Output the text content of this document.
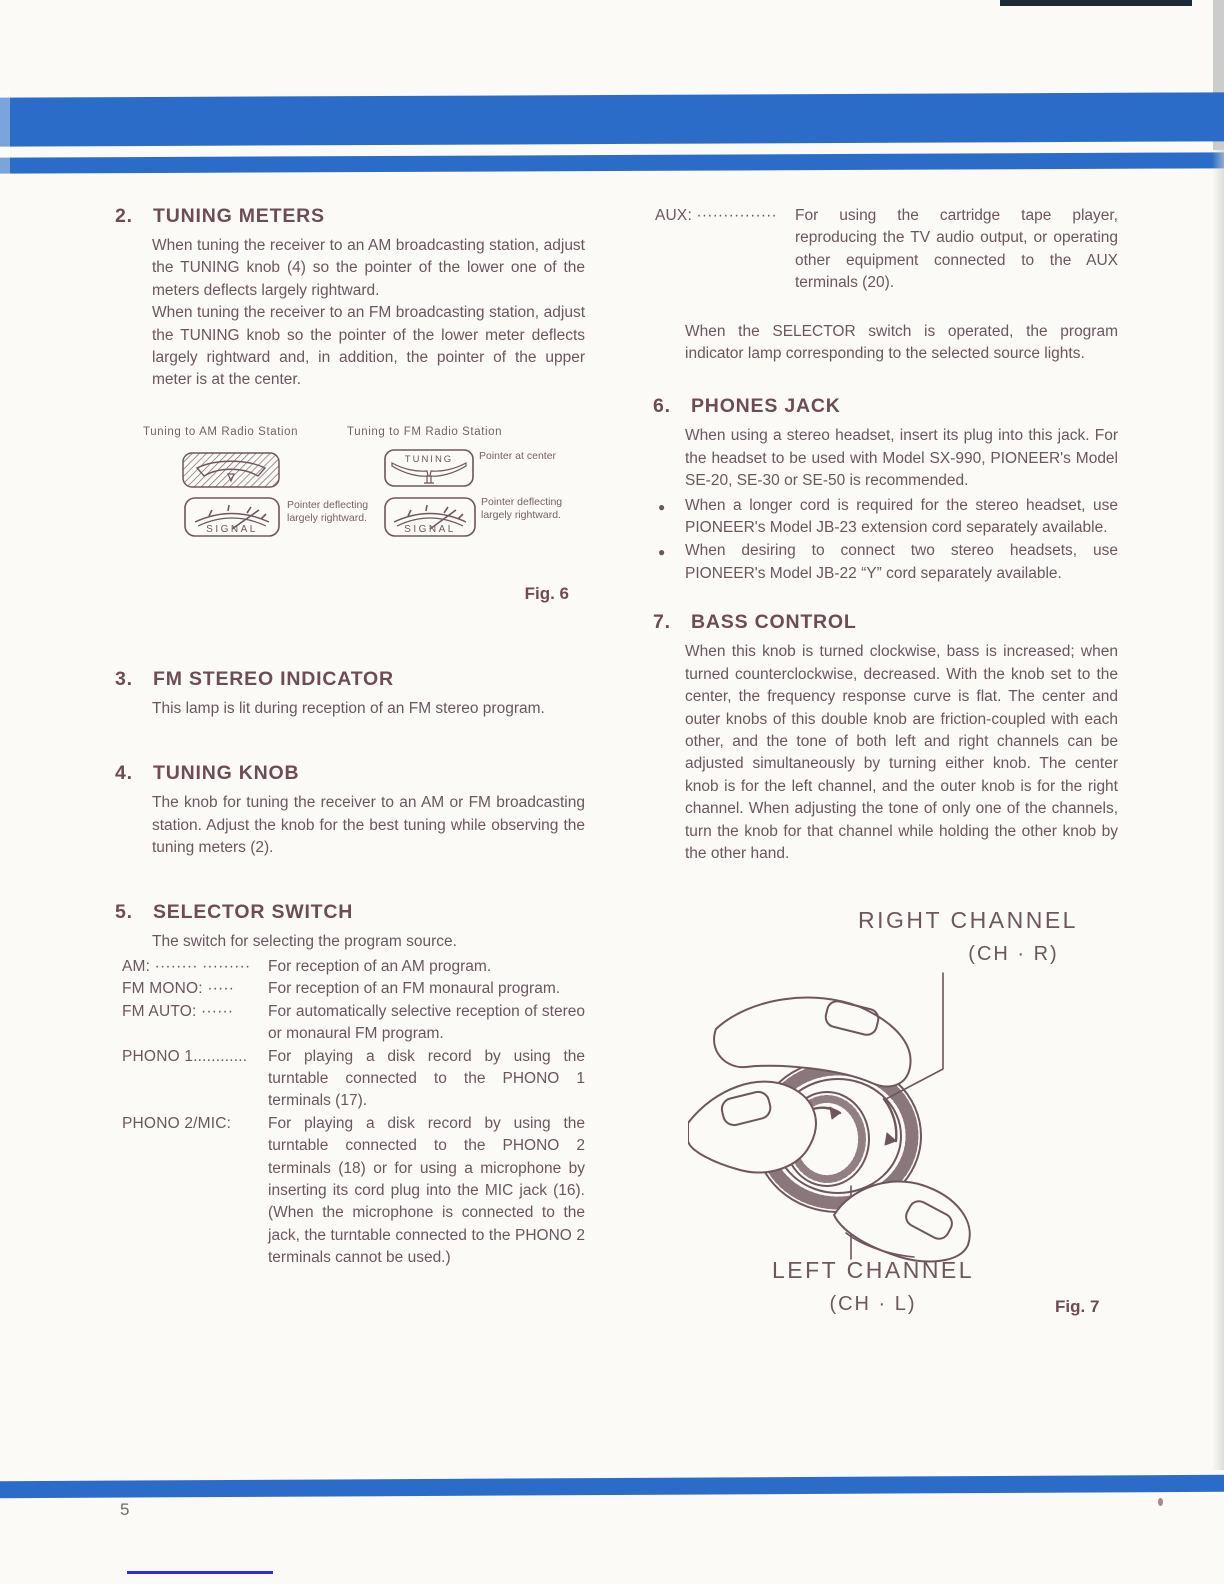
2.	TUNING METERS

When tuning the receiver to an AM broadcasting station, adjust the TUNING knob (4) so the pointer of the lower one of the meters deflects largely rightward.

When tuning the receiver to an FM broadcasting station, adjust the TUNING knob so the pointer of the lower meter deflects largely rightward and, in addition, the pointer of the upper meter is at the center.

Tuning to AM Radio Station	Tuning to FM Radio Station
TUNING Pointer at center
SIGNAL
Pointer deflecting largely rightward.
SIGNAL
Pointer deflecting largely rightward.
Fig. 6
3.	FM STEREO INDICATOR

This lamp is lit during reception of an FM stereo program.

4.	TUNING KNOB

The knob for tuning the receiver to an AM or FM broadcasting station. Adjust the knob for the best tuning while observing the tuning meters (2).

5.	SELECTOR SWITCH

The switch for selecting the program source.

AM: ········ ·········	For reception of an AM program.
FM MONO: ·····	For reception of an FM monaural program.
FM AUTO: ······	For automatically selective reception of stereo or monaural FM program.
PHONO 1............	For playing a disk record by using the turntable connected to the PHONO 1 terminals (17).
PHONO 2/MIC:	For playing a disk record by using the turntable connected to the PHONO 2 terminals (18) or for using a microphone by inserting its cord plug into the MIC jack (16). (When the microphone is connected to the jack, the turntable connected to the PHONO 2 terminals cannot be used.)
AUX: ···············	For using the cartridge tape player, reproducing the TV audio output, or operating other equipment connected to the AUX terminals (20).

When the SELECTOR switch is operated, the program indicator lamp corresponding to the selected source lights.

6.	PHONES JACK

When using a stereo headset, insert its plug into this jack. For the headset to be used with Model SX-990, PIONEER's Model SE-20, SE-30 or SE-50 is recommended.

● When a longer cord is required for the stereo headset, use PIONEER's Model JB-23 extension cord separately available.
● When desiring to connect two stereo headsets, use PIONEER's Model JB-22 “Y” cord separately available.
7.	BASS CONTROL

When this knob is turned clockwise, bass is increased; when turned counterclockwise, decreased. With the knob set to the center, the frequency response curve is flat. The center and outer knobs of this double knob are friction-coupled with each other, and the tone of both left and right channels can be adjusted simultaneously by turning either knob. The center knob is for the left channel, and the outer knob is for the right channel. When adjusting the tone of only one of the channels, turn the knob for that channel while holding the other knob by the other hand.

RIGHT CHANNEL
(CH · R)
LEFT CHANNEL
(CH · L)	Fig. 7
5
